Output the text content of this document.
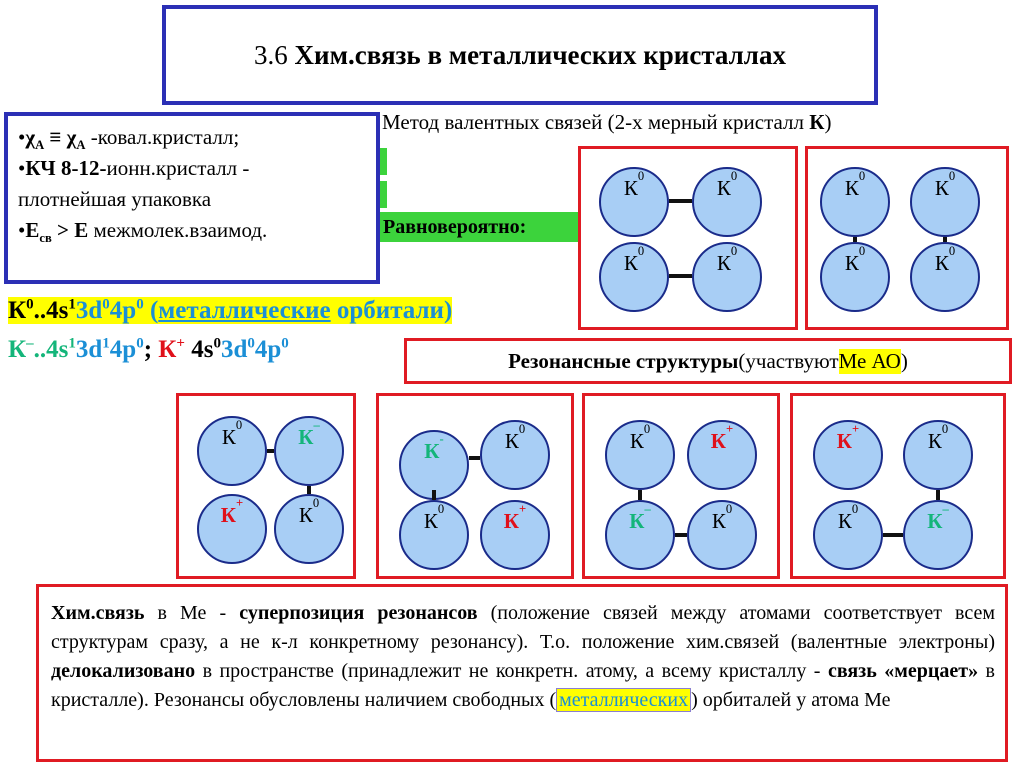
3.6
Хим.связь в металлических кристаллах
$•\chi_A \equiv \chi_A$ -ковал.кристалл;
•КЧ 8-12-ионн.кристалл -
плотнейшая упаковка
$•E_{св} > E$ межмолек.взаимод.
Метод валентных связей (2-х мерный кристалл К)
Равновероятно:
$К^0..4s^13d^04p^0$ (металлические орбитали)
$К^-..4s^13d^14p^0$; К+ $4s^03d^04p^0$
К 0	К 0
К 0	К 0
К 0	К 0
К 0	К 0
Резонансные структуры (участвуют Ме АО )
К 0	К –
К +	К 0
К -	К 0
К 0	К +
К 0	К +
К –	К 0
К +	К 0
К 0	К –

Хим.связь в Ме - суперпозиция резонансов (положение связей между атомами соответствует всем структурам сразу, а не к-л конкретному резонансу). Т.о. положение хим.связей (валентные электроны) делокализовано в пространстве (принадлежит не конкретн. атому, а всему кристаллу - связь «мерцает» в кристалле). Резонансы обусловлены наличием свободных ( металлических ) орбиталей у атома Ме
